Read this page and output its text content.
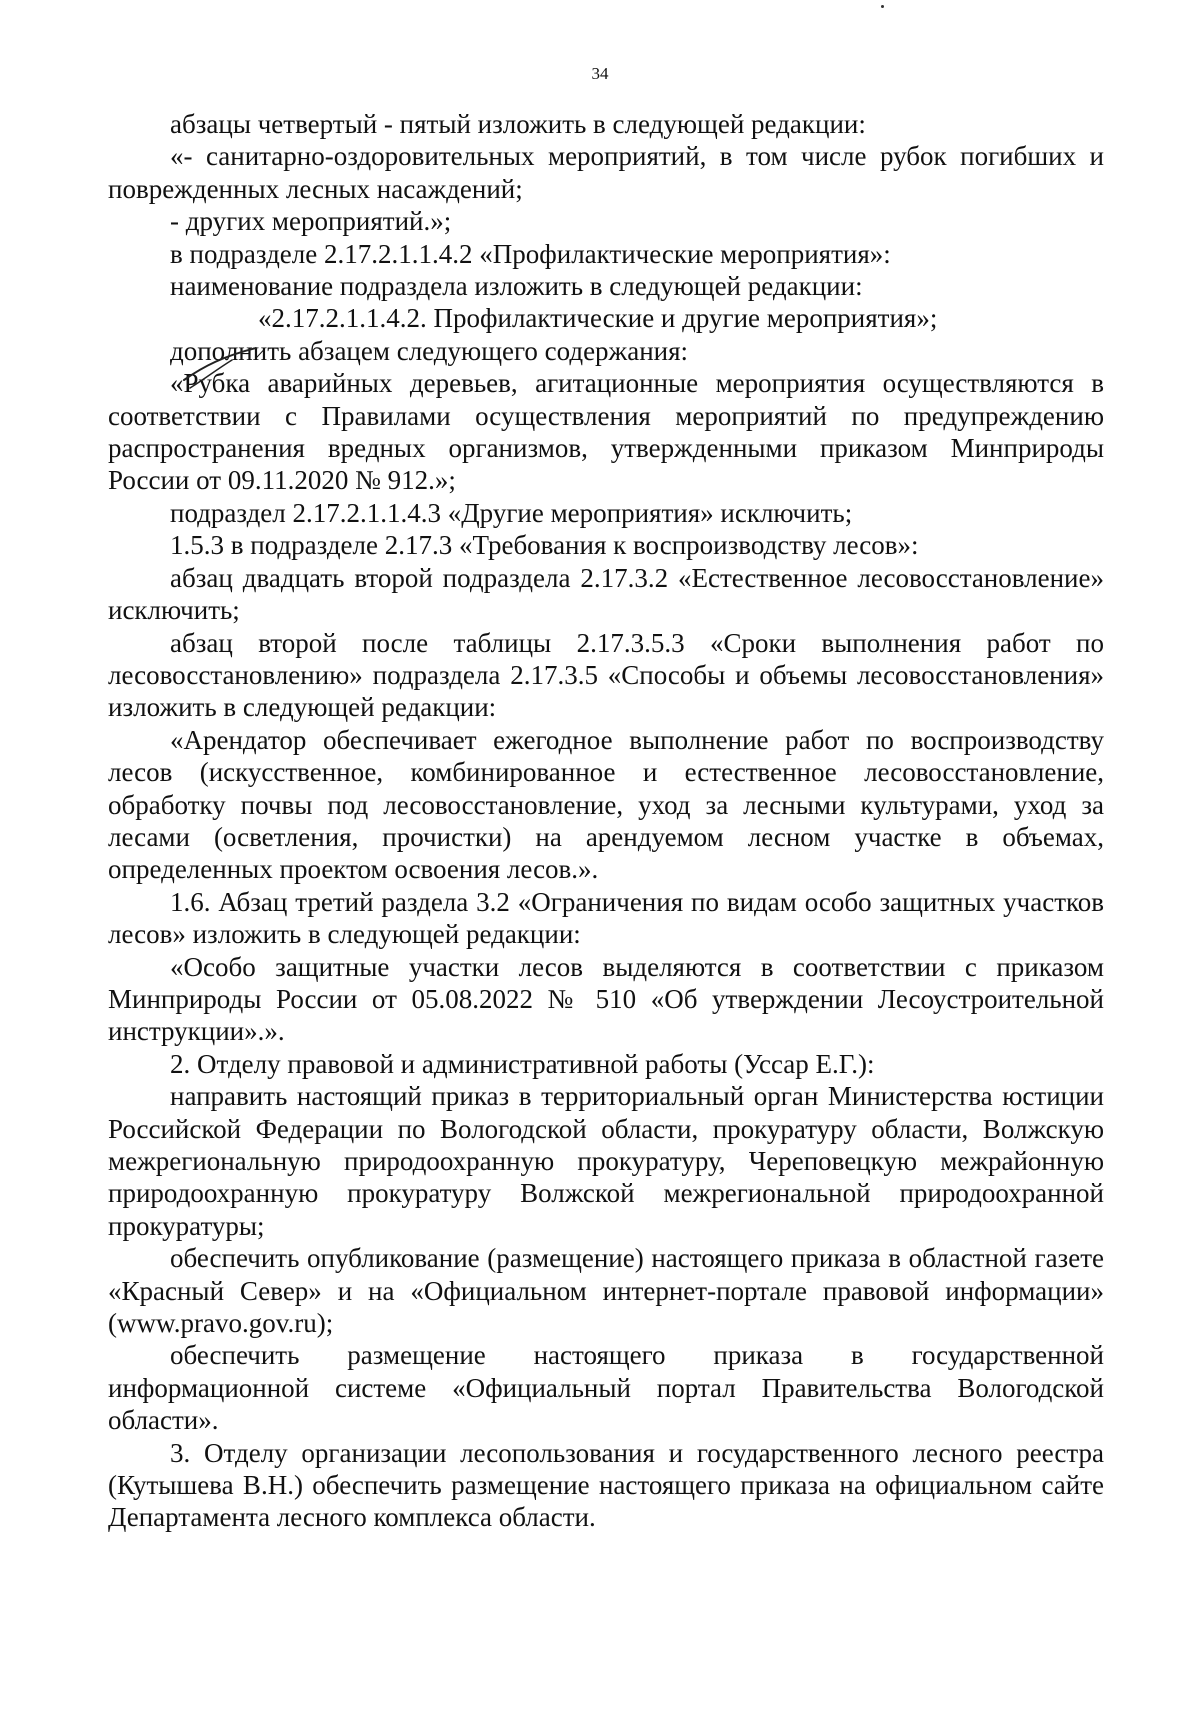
34

абзацы четвертый - пятый изложить в следующей редакции:

«- санитарно-оздоровительных мероприятий, в том числе рубок погибших и поврежденных лесных насаждений;

- других мероприятий.»;

в подразделе 2.17.2.1.1.4.2 «Профилактические мероприятия»:

наименование подраздела изложить в следующей редакции:

«2.17.2.1.1.4.2. Профилактические и другие мероприятия»;

дополнить абзацем следующего содержания:

«Рубка аварийных деревьев, агитационные мероприятия осуществляются в соответствии с Правилами осуществления мероприятий по предупреждению распространения вредных организмов, утвержденными приказом Минприроды России от 09.11.2020 № 912.»;

подраздел 2.17.2.1.1.4.3 «Другие мероприятия» исключить;

1.5.3 в подразделе 2.17.3 «Требования к воспроизводству лесов»:

абзац двадцать второй подраздела 2.17.3.2 «Естественное лесовосстановление» исключить;

абзац второй после таблицы 2.17.3.5.3 «Сроки выполнения работ по лесовосстановлению» подраздела 2.17.3.5 «Способы и объемы лесовосстановления» изложить в следующей редакции:

«Арендатор обеспечивает ежегодное выполнение работ по воспроизводству лесов (искусственное, комбинированное и естественное лесовосстановление, обработку почвы под лесовосстановление, уход за лесными культурами, уход за лесами (осветления, прочистки) на арендуемом лесном участке в объемах, определенных проектом освоения лесов.».

1.6. Абзац третий раздела 3.2 «Ограничения по видам особо защитных участков лесов» изложить в следующей редакции:

«Особо защитные участки лесов выделяются в соответствии с приказом Минприроды России от 05.08.2022 № 510 «Об утверждении Лесоустроительной инструкции».».

2. Отделу правовой и административной работы (Уссар Е.Г.):

направить настоящий приказ в территориальный орган Министерства юстиции Российской Федерации по Вологодской области, прокуратуру области, Волжскую межрегиональную природоохранную прокуратуру, Череповецкую межрайонную природоохранную прокуратуру Волжской межрегиональной природоохранной прокуратуры;

обеспечить опубликование (размещение) настоящего приказа в областной газете «Красный Север» и на «Официальном интернет-портале правовой информации» (www.pravo.gov.ru);

обеспечить размещение настоящего приказа в государственной информационной системе «Официальный портал Правительства Вологодской области».

3. Отделу организации лесопользования и государственного лесного реестра (Кутышева В.Н.) обеспечить размещение настоящего приказа на официальном сайте Департамента лесного комплекса области.
